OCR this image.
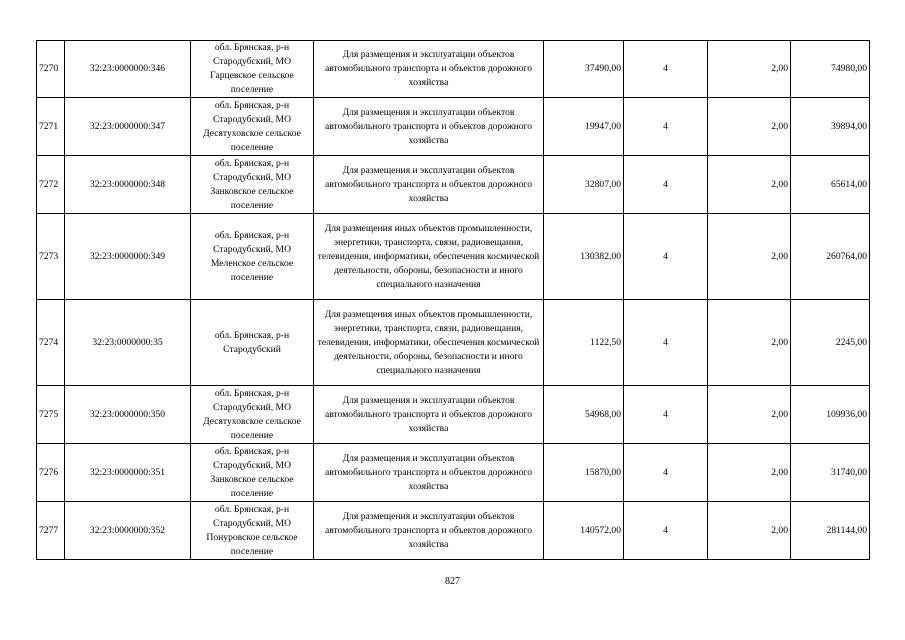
7270	32:23:0000000:346	обл. Брянская, р-н Стародубский, МО Гарцевское сельское поселение	Для размещения и эксплуатации объектов автомобильного транспорта и объектов дорожного хозяйства	37490,00	4	2,00	74980,00
7271	32:23:0000000:347	обл. Брянская, р-н Стародубский, МО Десятуховское сельское поселение	Для размещения и эксплуатации объектов автомобильного транспорта и объектов дорожного хозяйства	19947,00	4	2,00	39894,00
7272	32:23:0000000:348	обл. Брянская, р-н Стародубский, МО Занковское сельское поселение	Для размещения и эксплуатации объектов автомобильного транспорта и объектов дорожного хозяйства	32807,00	4	2,00	65614,00
7273	32:23:0000000:349	обл. Брянская, р-н Стародубский, МО Меленское сельское поселение	Для размещения иных объектов промышленности, энергетики, транспорта, связи, радиовещания, телевидения, информатики, обеспечения космической деятельности, обороны, безопасности и иного специального назначения	130382,00	4	2,00	260764,00
7274	32:23:0000000:35	обл. Брянская, р-н Стародубский	Для размещения иных объектов промышленности, энергетики, транспорта, связи, радиовещания, телевидения, информатики, обеспечения космической деятельности, обороны, безопасности и иного специального назначения	1122,50	4	2,00	2245,00
7275	32:23:0000000:350	обл. Брянская, р-н Стародубский, МО Десятуховское сельское поселение	Для размещения и эксплуатации объектов автомобильного транспорта и объектов дорожного хозяйства	54968,00	4	2,00	109936,00
7276	32:23:0000000:351	обл. Брянская, р-н Стародубский, МО Занковское сельское поселение	Для размещения и эксплуатации объектов автомобильного транспорта и объектов дорожного хозяйства	15870,00	4	2,00	31740,00
7277	32:23:0000000:352	обл. Брянская, р-н Стародубский, МО Понуровское сельское поселение	Для размещения и эксплуатации объектов автомобильного транспорта и объектов дорожного хозяйства	140572,00	4	2,00	281144,00
827
